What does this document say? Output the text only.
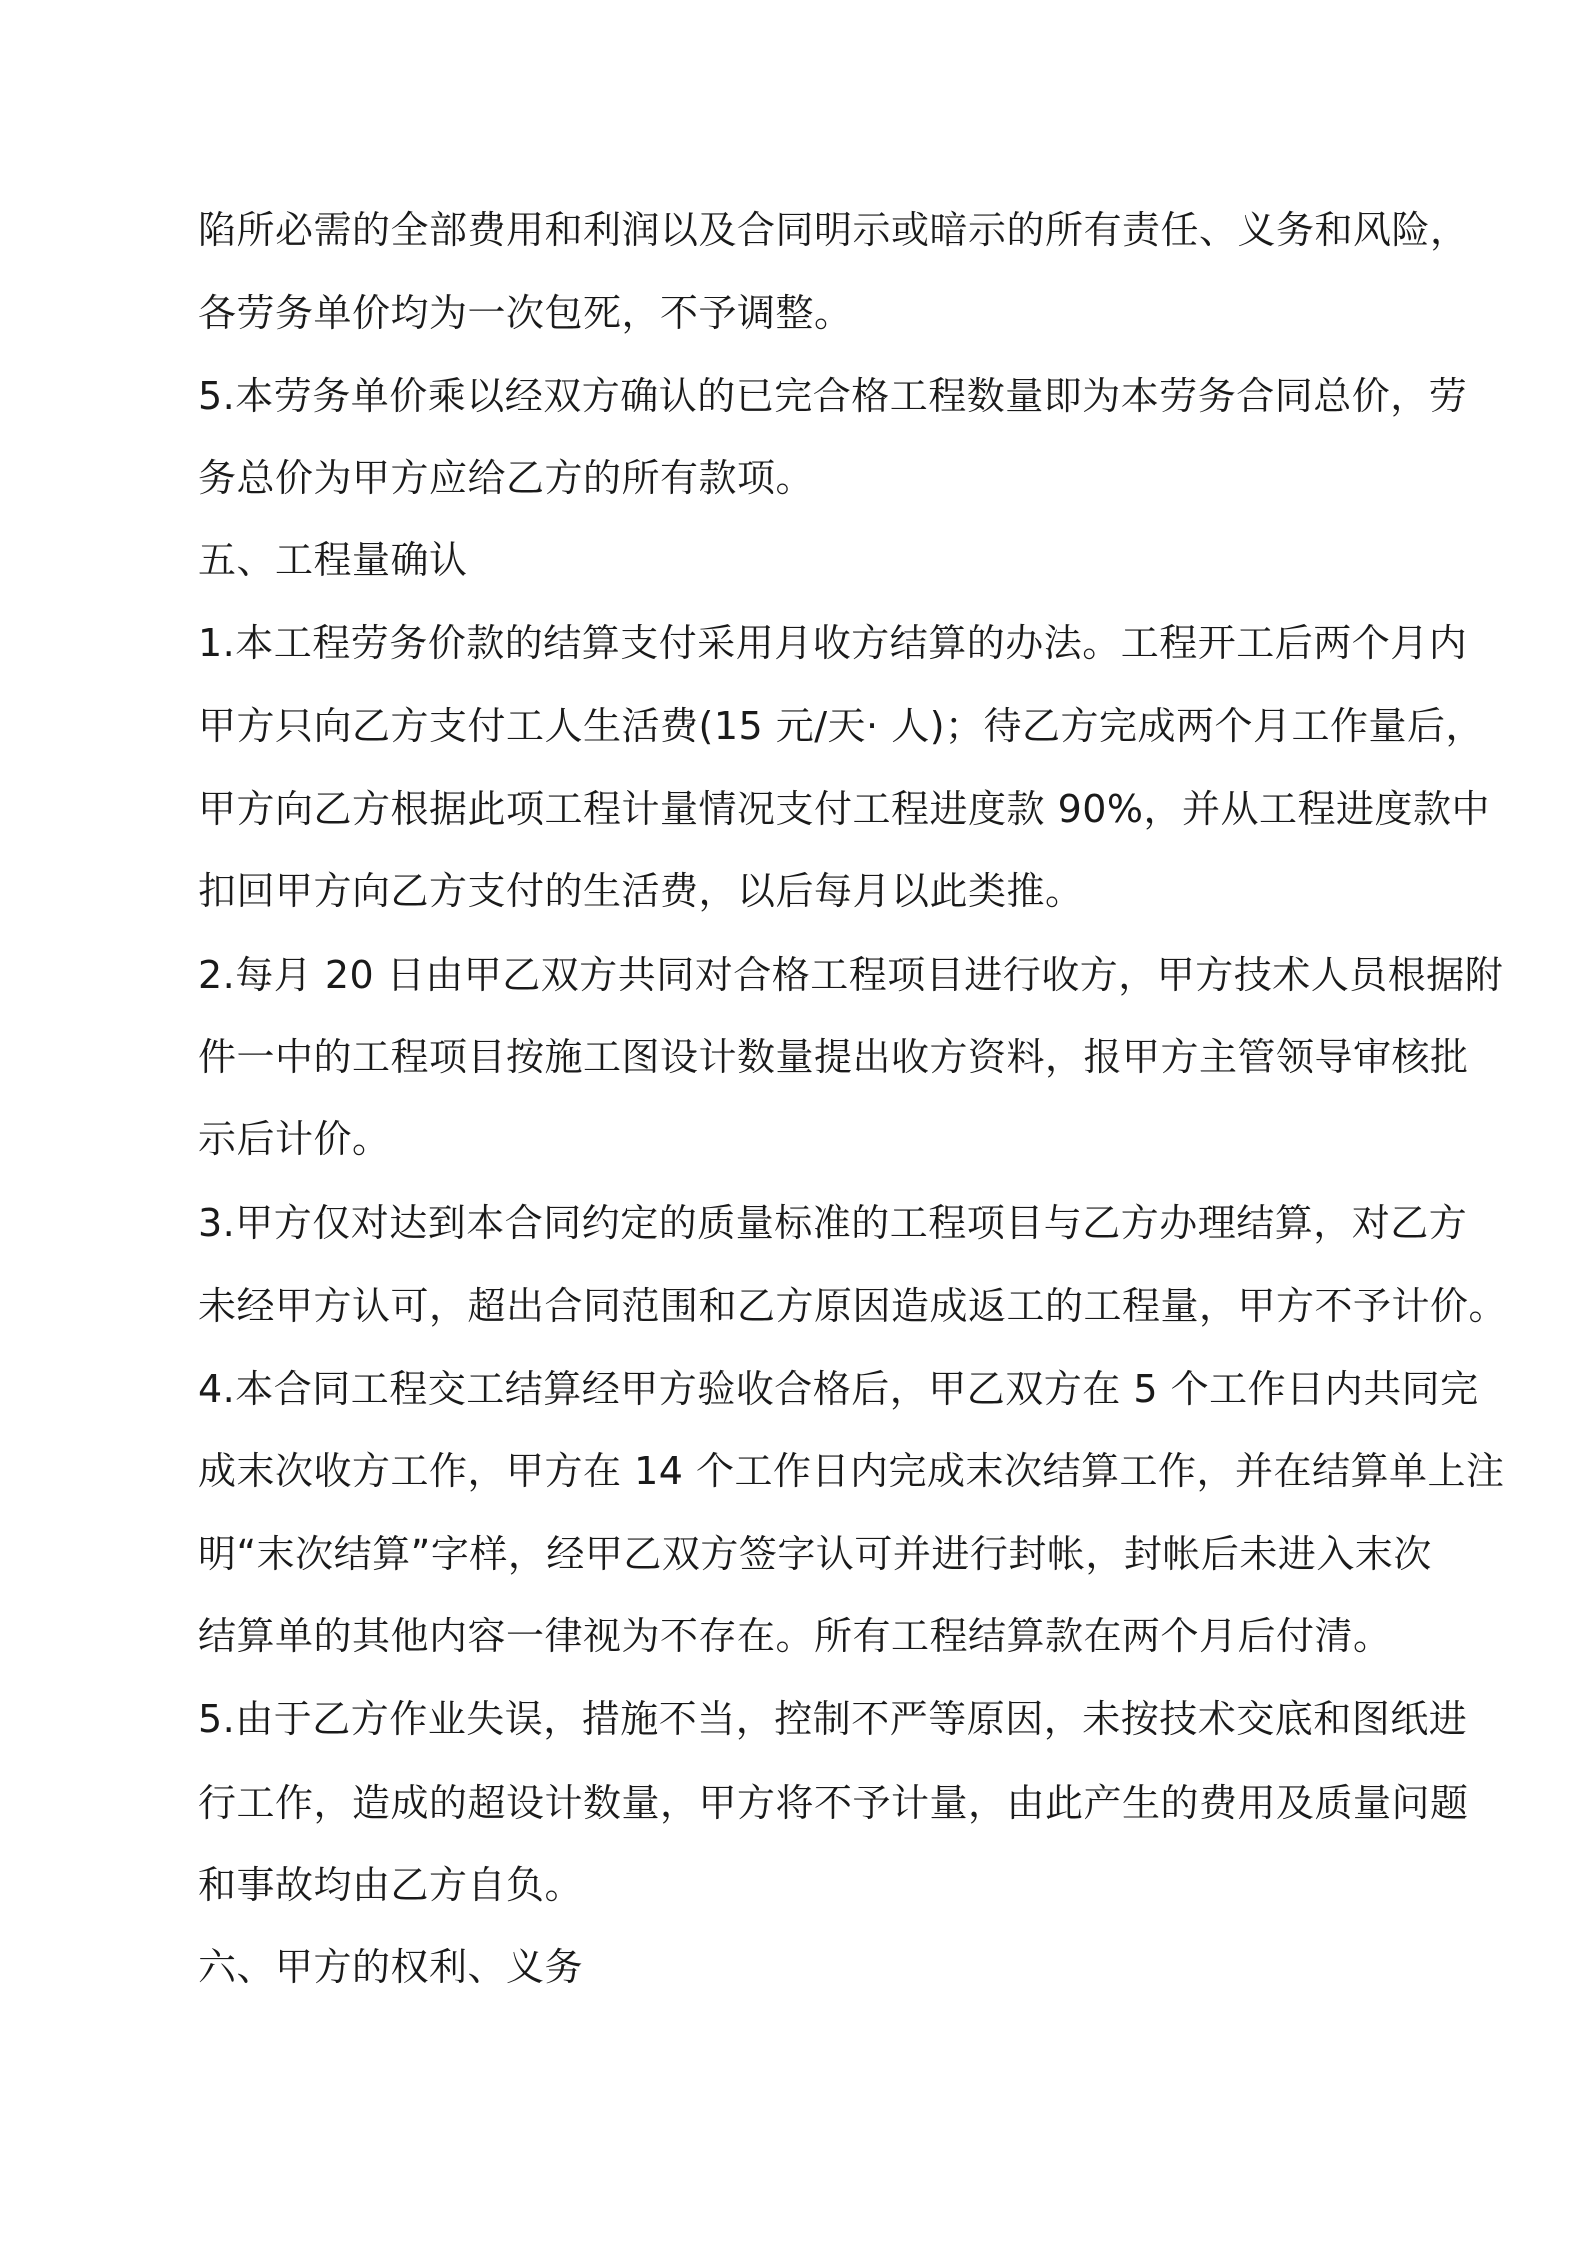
陷所必需的全部费用和利润以及合同明示或暗示的所有责任、义务和风险，
各劳务单价均为一次包死，不予调整。
5.本劳务单价乘以经双方确认的已完合格工程数量即为本劳务合同总价，劳
务总价为甲方应给乙方的所有款项。
五、工程量确认
1.本工程劳务价款的结算支付采用月收方结算的办法。工程开工后两个月内
甲方只向乙方支付工人生活费(15 元/天· 人)；待乙方完成两个月工作量后，
甲方向乙方根据此项工程计量情况支付工程进度款 90%，并从工程进度款中
扣回甲方向乙方支付的生活费，以后每月以此类推。
2.每月 20 日由甲乙双方共同对合格工程项目进行收方，甲方技术人员根据附
件一中的工程项目按施工图设计数量提出收方资料，报甲方主管领导审核批
示后计价。
3.甲方仅对达到本合同约定的质量标准的工程项目与乙方办理结算，对乙方
未经甲方认可，超出合同范围和乙方原因造成返工的工程量，甲方不予计价。
4.本合同工程交工结算经甲方验收合格后，甲乙双方在 5 个工作日内共同完
成末次收方工作，甲方在 14 个工作日内完成末次结算工作，并在结算单上注
明“末次结算”字样，经甲乙双方签字认可并进行封帐，封帐后未进入末次
结算单的其他内容一律视为不存在。所有工程结算款在两个月后付清。
5.由于乙方作业失误，措施不当，控制不严等原因，未按技术交底和图纸进
行工作，造成的超设计数量，甲方将不予计量，由此产生的费用及质量问题
和事故均由乙方自负。
六、甲方的权利、义务
